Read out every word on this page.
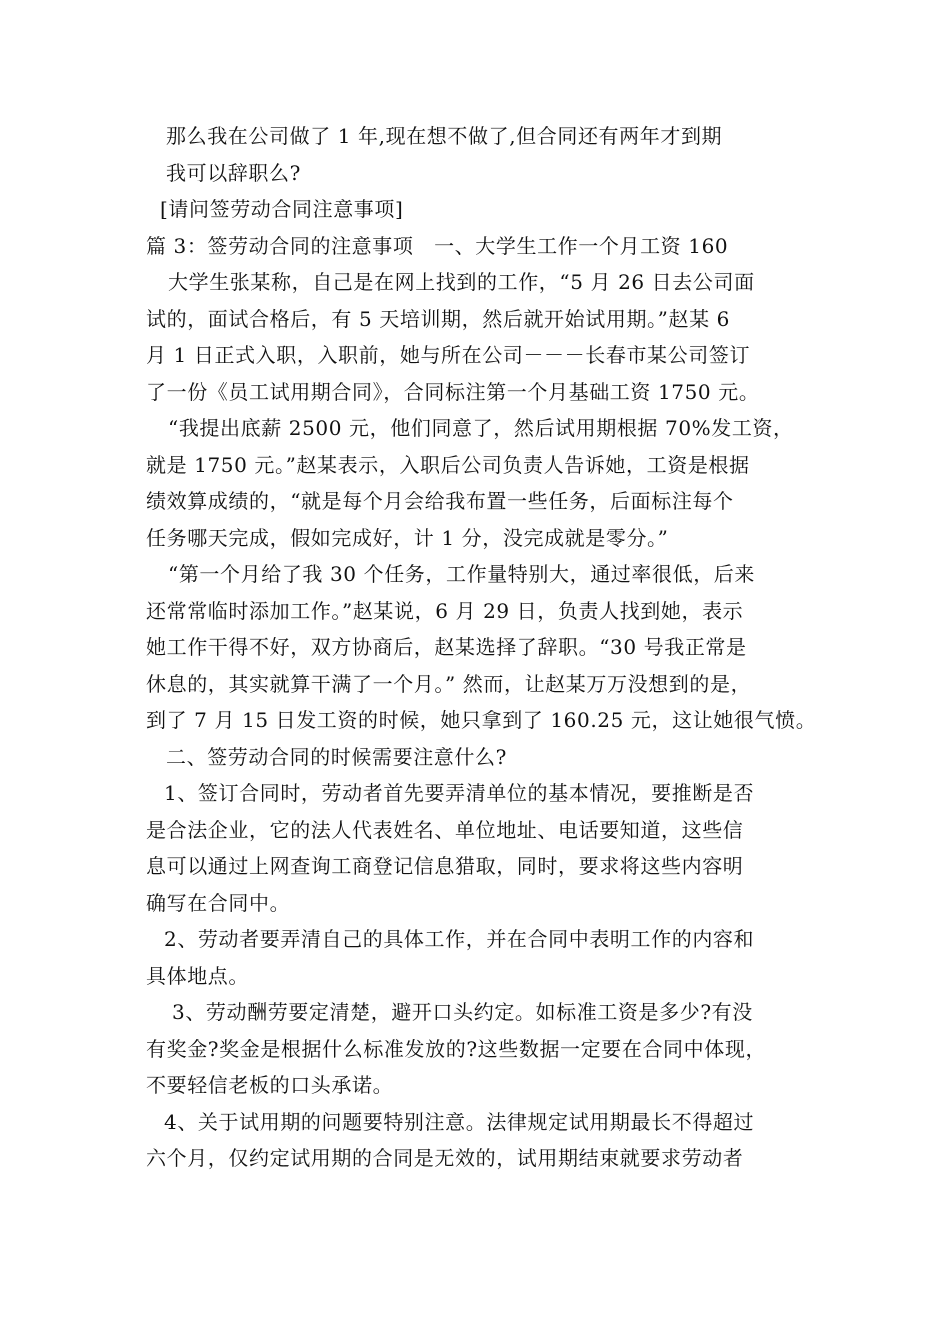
那么我在公司做了 1 年,现在想不做了,但合同还有两年才到期
我可以辞职么?
[请问签劳动合同注意事项]
篇 3：签劳动合同的注意事项　一、大学生工作一个月工资 160
大学生张某称，自己是在网上找到的工作，“5 月 26 日去公司面
试的，面试合格后，有 5 天培训期，然后就开始试用期。”赵某 6
月 1 日正式入职，入职前，她与所在公司－－－长春市某公司签订
了一份《员工试用期合同》，合同标注第一个月基础工资 1750 元。
“我提出底薪 2500 元，他们同意了，然后试用期根据 70%发工资，
就是 1750 元。”赵某表示，入职后公司负责人告诉她，工资是根据
绩效算成绩的，“就是每个月会给我布置一些任务，后面标注每个
任务哪天完成，假如完成好，计 1 分，没完成就是零分。”
“第一个月给了我 30 个任务，工作量特别大，通过率很低，后来
还常常临时添加工作。”赵某说，6 月 29 日，负责人找到她，表示
她工作干得不好，双方协商后，赵某选择了辞职。“30 号我正常是
休息的，其实就算干满了一个月。” 然而，让赵某万万没想到的是，
到了 7 月 15 日发工资的时候，她只拿到了 160.25 元，这让她很气愤。
二、签劳动合同的时候需要注意什么?
1、签订合同时，劳动者首先要弄清单位的基本情况，要推断是否
是合法企业，它的法人代表姓名、单位地址、电话要知道，这些信
息可以通过上网查询工商登记信息猎取，同时，要求将这些内容明
确写在合同中。
2、劳动者要弄清自己的具体工作，并在合同中表明工作的内容和
具体地点。
3、劳动酬劳要定清楚，避开口头约定。如标准工资是多少?有没
有奖金?奖金是根据什么标准发放的?这些数据一定要在合同中体现，
不要轻信老板的口头承诺。
4、关于试用期的问题要特别注意。法律规定试用期最长不得超过
六个月，仅约定试用期的合同是无效的，试用期结束就要求劳动者
